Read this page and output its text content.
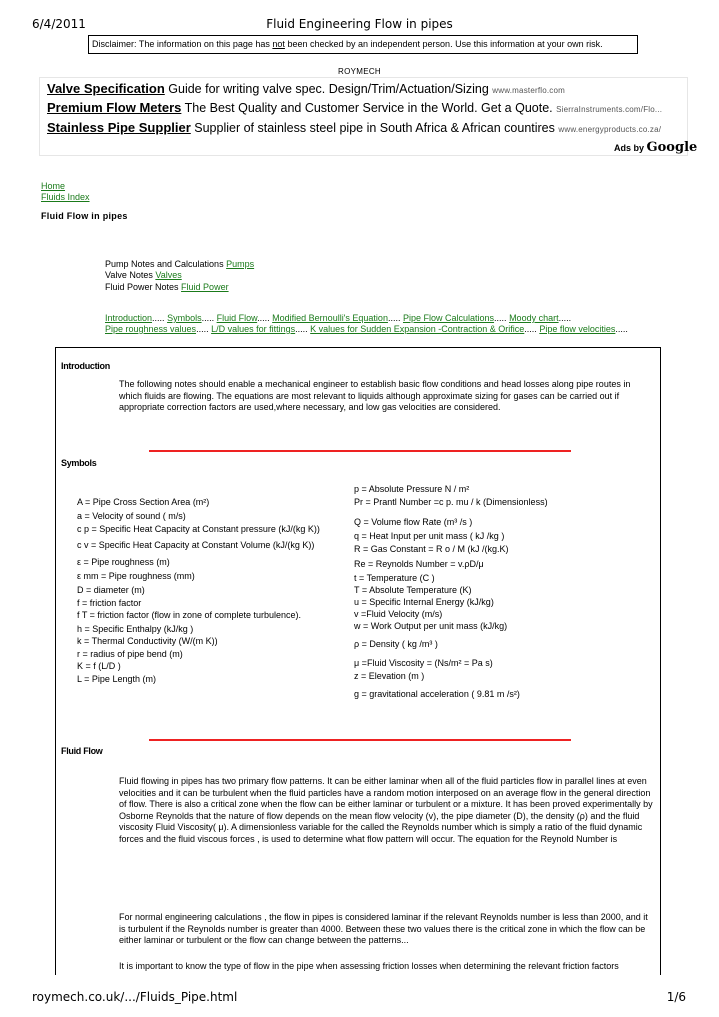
6/4/2011	Fluid Engineering Flow in pipes
Disclaimer: The information on this page has not been checked by an independent person. Use this information at your own risk.
ROYMECH
Valve Specification Guide for writing valve spec. Design/Trim/Actuation/Sizing www.masterflo.com
Premium Flow Meters The Best Quality and Customer Service in the World. Get a Quote. SierraInstruments.com/Flo...
Stainless Pipe Supplier Supplier of stainless steel pipe in South Africa & African countires www.energyproducts.co.za/
Ads by Google
Home
Fluids Index
Fluid Flow in pipes
Pump Notes and Calculations Pumps
Valve Notes Valves
Fluid Power Notes Fluid Power
Introduction..... Symbols..... Fluid Flow..... Modified Bernoulli's Equation..... Pipe Flow Calculations..... Moody chart.....
Pipe roughness values..... L/D values for fittings..... K values for Sudden Expansion -Contraction & Orifice..... Pipe flow velocities.....
Introduction
The following notes should enable a mechanical engineer to establish basic flow conditions and head losses along pipe routes in which fluids are flowing. The equations are most relevant to liquids although approximate sizing for gases can be carried out if appropriate correction factors are used,where necessary, and low gas velocities are considered.
Symbols
A = Pipe Cross Section Area (m²)
a = Velocity of sound ( m/s)
c p = Specific Heat Capacity at Constant pressure (kJ/(kg K))
c v = Specific Heat Capacity at Constant Volume (kJ/(kg K))
ε = Pipe roughness (m)
ε mm = Pipe roughness (mm)
D = diameter (m)
f = friction factor
f T = friction factor (flow in zone of complete turbulence).
h = Specific Enthalpy (kJ/kg )
k = Thermal Conductivity (W/(m K))
r = radius of pipe bend (m)
K = f (L/D )
L = Pipe Length (m)
p = Absolute Pressure N / m²
Pr = Prantl Number =c p. mu / k (Dimensionless)
Q = Volume flow Rate (m³ /s )
q = Heat Input per unit mass ( kJ /kg )
R = Gas Constant = R o / M (kJ /(kg.K)
Re = Reynolds Number = v.ρD/μ
t = Temperature (C )
T = Absolute Temperature (K)
u = Specific Internal Energy (kJ/kg)
v =Fluid Velocity (m/s)
w = Work Output per unit mass (kJ/kg)
ρ = Density ( kg /m³ )
μ =Fluid Viscosity = (Ns/m² = Pa s)
z = Elevation (m )
g = gravitational acceleration ( 9.81 m /s²)
Fluid Flow
Fluid flowing in pipes has two primary flow patterns. It can be either laminar when all of the fluid particles flow in parallel lines at even velocities and it can be turbulent when the fluid particles have a random motion interposed on an average flow in the general direction of flow. There is also a critical zone when the flow can be either laminar or turbulent or a mixture. It has been proved experimentally by Osborne Reynolds that the nature of flow depends on the mean flow velocity (v), the pipe diameter (D), the density (ρ) and the fluid viscosity Fluid Viscosity( μ). A dimensionless variable for the called the Reynolds number which is simply a ratio of the fluid dynamic forces and the fluid viscous forces , is used to determine what flow pattern will occur. The equation for the Reynold Number is
For normal engineering calculations , the flow in pipes is considered laminar if the relevant Reynolds number is less than 2000, and it is turbulent if the Reynolds number is greater than 4000. Between these two values there is the critical zone in which the flow can be either laminar or turbulent or the flow can change between the patterns...
It is important to know the type of flow in the pipe when assessing friction losses when determining the relevant friction factors
roymech.co.uk/.../Fluids_Pipe.html	1/6
